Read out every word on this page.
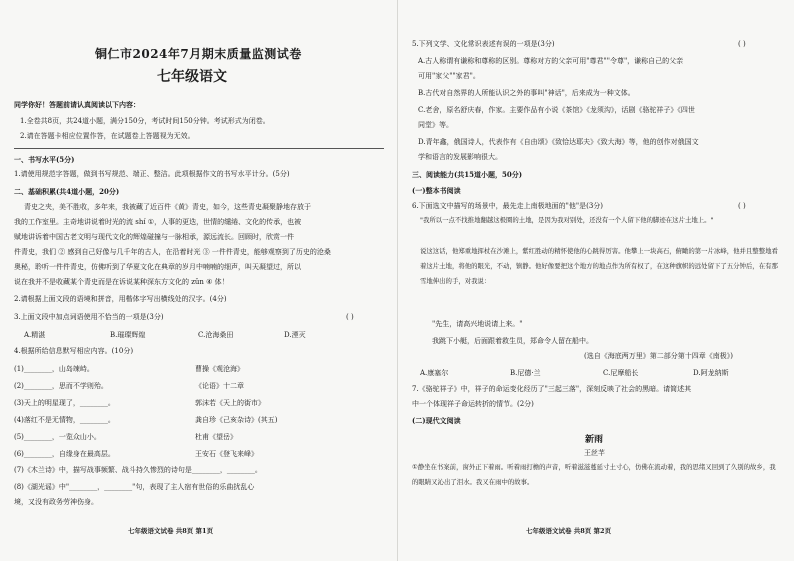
铜仁市2024年7月期末质量监测试卷
七年级语文
同学你好！答题前请认真阅读以下内容：
1.全卷共8页，共24道小题，满分150分，考试时间150分钟。考试形式为闭卷。
2.请在答题卡相应位置作答，在试题卷上答题视为无效。
一、书写水平(5分)
1.请使用规范字答题，做到书写规范、端正、整洁。此项根据作文的书写水平计分。(5分)
二、基础积累(共4道小题，20分)
青史之夹，美不胜收，多年来，我被藏了近百件《黄》青史，如今，这些青史凝聚静地存放于
我的工作室里。主奇地讲说着时光的流 shí ①，人事的更迭，世情的缱绻、文化的传承，也被
赋地讲诉着中国古老文明与现代文化的辉煌碰撞与一脉相承，源远流长。回顾时，欣赏一件
件青史，我们 ② 感到自己好像与几千年的古人，在沿着时光 ③ 一件件青史，能够观察到了历史的沧桑
奥秘，聆听一件件青史，仿佛听到了华夏文化在典章的岁月中喃喃的细声，叫天凝望过，所以
说在我并不是收藏某个青史而是在诉说某种深东方文化的 zǔn ④ 体！
2.请根据上面文段的语境和拼音，用楷体字写出横线处的汉字。(4分)
3.上面文段中加点词语使用不恰当的一项是(3分)	( )
A.精湛	B.璀璨辉煌	C.沧海桑田	D.湮灭
4.根据所给信息默写相应内容。(10分)
(1)________，山岛竦峙。	曹操《观沧海》
(2)________，思而不学则殆。	《论语》十二章
(3)天上的明星现了，________。	郭沫若《天上的街市》
(4)落红不是无情物，________。	龚自珍《己亥杂诗》(其五)
(5)________，一览众山小。	杜甫《望岳》
(6)________，自缘身在最高层。	王安石《登飞来峰》
(7)《木兰诗》中，描写战事频繁、战斗持久惨烈的诗句是________，________。
(8)《湖光谣》中"________，________"句，表现了主人宿有世俗的乐曲扰乱心
境，又没有政务劳神伤身。
七年级语文试卷 共8页 第1页
5.下列文学、文化常识表述有误的一项是(3分)	( )
A.古人称谓有谦称和尊称的区别。尊称对方的父亲可用"尊君""令尊"，谦称自己的父亲
可用"家父""家君"。
B.古代对自然界的人所能认识之外的事叫"神话"，后来成为一种文体。
C.老舍，原名舒庆春，作家。主要作品有小说《茶馆》《龙须沟》，话剧《骆驼祥子》《四世
同堂》等。
D.青年鑫，俄国诗人，代表作有《自由颂》《致恰达耶夫》《致大海》等，他的创作对俄国文
学和语言的发展影响很大。
三、阅读能力(共15道小题，50分)
(一)整本书阅读
6.下面选文中描写的场景中，最先走上南极地面的"他"是(3分)	( )
"我所以一点不找推地翻越这极圈的土地，是因为我对别处，还没有一个人留下他的脚迹在这片土地上。"
说这这话，他郑重地挥杖在沙滩上，紫红胜动的精怀使他的心跳得厉害。他攀上一块高石，俯瞰的第一片冰峰，他并且整整地看着这片土地，将他的眼光，不动，镇静。他好像要把这个地方的地点作为所有权了，在这种旗帜的远处留下了五分钟后，在有那雪地伸出的手，对我说：
"先生，请高兴地说请上来。"
我跳下小艇，后面跟着救生员，郑命令人留在船中。
(选自《海底两万里》第二部分第十四章《南极》)
A.康塞尔	B.尼德·兰	C.尼摩船长	D.阿龙纳斯
7.《骆驼祥子》中，祥子的命运变化经历了"三起三落"，深刻反映了社会的黑暗。请简述其
中一个体现祥子命运转折的情节。(2分)
(二)现代文阅读
新雨
王丝芊
①静坐在书案前，窗外正下着雨。听着雨打檐的声音，听着滋滋蔓延寸土寸心，仿佛在流动着，我的思绪又回到了久别的故乡，我的眼睛又沁出了泪水。我又在雨中的故事。
七年级语文试卷 共8页 第2页
